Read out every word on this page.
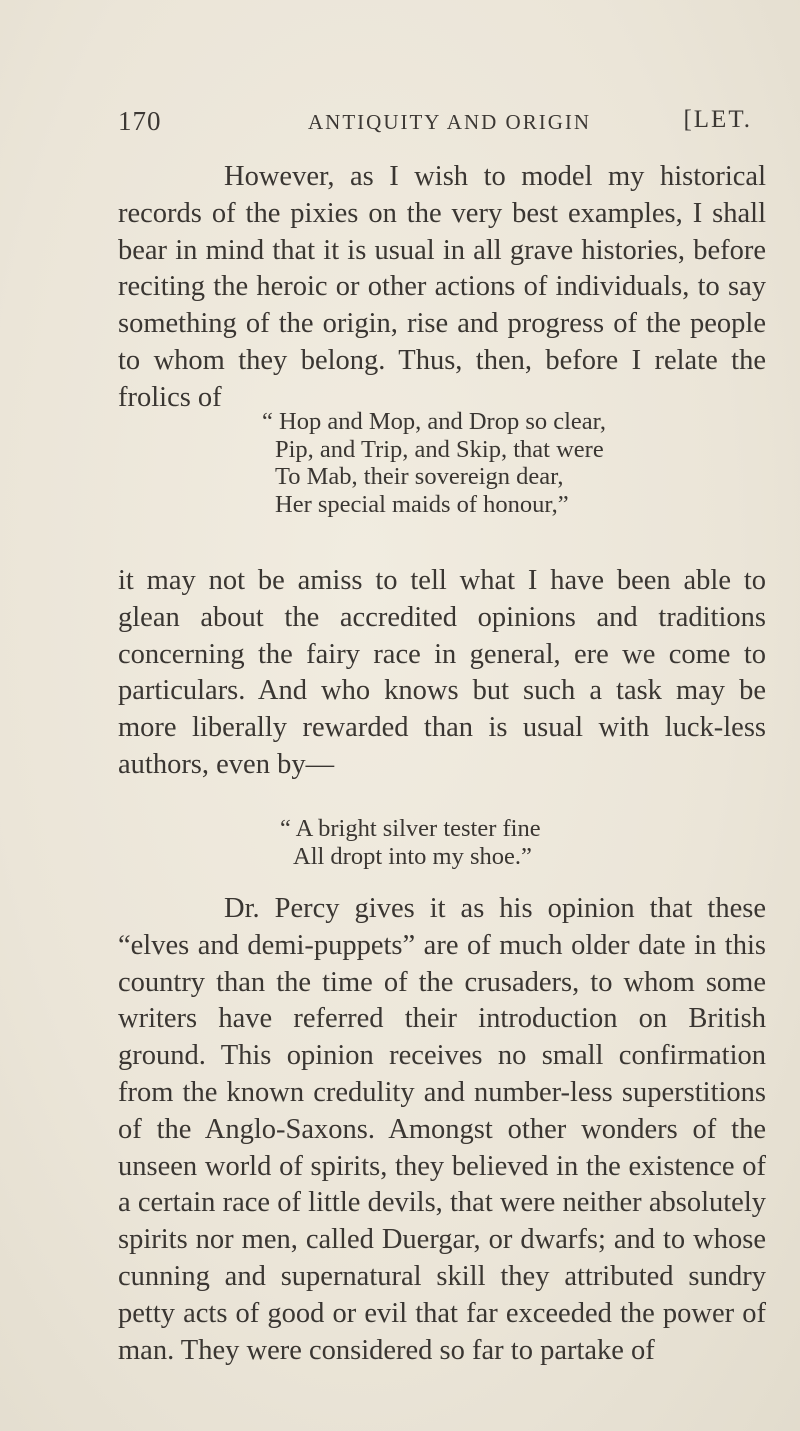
170	ANTIQUITY AND ORIGIN	[LET.

However, as I wish to model my historical records of the pixies on the very best examples, I shall bear in mind that it is usual in all grave histories, before reciting the heroic or other actions of individuals, to say something of the origin, rise and progress of the people to whom they belong. Thus, then, before I relate the frolics of

“ Hop and Mop, and Drop so clear,
Pip, and Trip, and Skip, that were
To Mab, their sovereign dear,
Her special maids of honour,”

it may not be amiss to tell what I have been able to glean about the accredited opinions and traditions concerning the fairy race in general, ere we come to particulars. And who knows but such a task may be more liberally rewarded than is usual with luck-less authors, even by—

“ A bright silver tester fine
All dropt into my shoe.”

Dr. Percy gives it as his opinion that these “elves and demi-puppets” are of much older date in this country than the time of the crusaders, to whom some writers have referred their introduction on British ground. This opinion receives no small confirmation from the known credulity and number-less superstitions of the Anglo-Saxons. Amongst other wonders of the unseen world of spirits, they believed in the existence of a certain race of little devils, that were neither absolutely spirits nor men, called Duergar, or dwarfs; and to whose cunning and supernatural skill they attributed sundry petty acts of good or evil that far exceeded the power of man. They were considered so far to partake of
